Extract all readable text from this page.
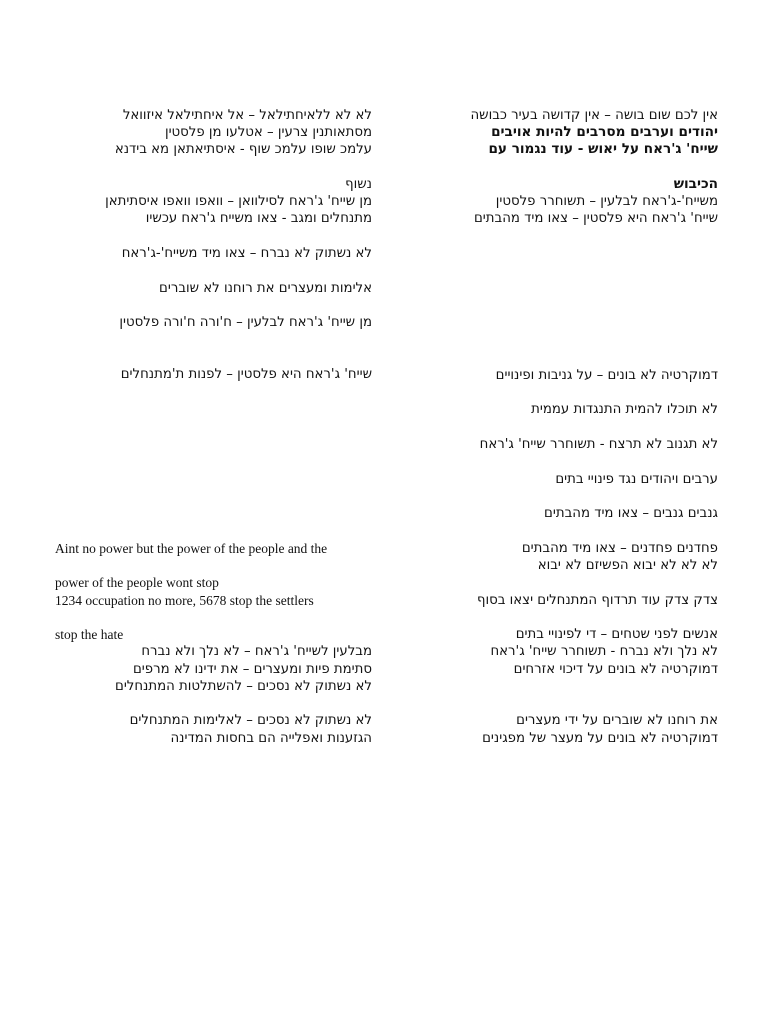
אין לכם שום בושה – אין קדושה בעיר כבושה

יהודים וערבים מסרבים להיות אויבים

שייח' ג'ראח על יאוש - עוד נגמור עם

הכיבוש

משייח'-ג'ראח לבלעין – תשוחרר פלסטין

שייח' ג'ראח היא פלסטין – צאו מיד מהבתים

דמוקרטיה לא בונים – על גניבות ופינויים

לא תוכלו להמית התנגדות עממית

לא תגנוב לא תרצח - תשוחרר שייח' ג'ראח

ערבים ויהודים נגד פינויי בתים

גנבים גנבים – צאו מיד מהבתים

פחדנים פחדנים – צאו מיד מהבתים

לא לא לא יבוא הפשיזם לא יבוא

צדק צדק עוד תרדוף המתנחלים יצאו בסוף

אנשים לפני שטחים – די לפינויי בתים

לא נלך ולא נברח - תשוחרר שייח' ג'ראח

דמוקרטיה לא בונים על דיכוי אזרחים

את רוחנו לא שוברים על ידי מעצרים

דמוקרטיה לא בונים על מעצר של מפגינים

לא לא ללאיחתילאל – אל איחתילאל איזוואל

מסתאותנין צרעין – אטלעו מן פלסטין

עלמכ שופו עלמכ שוף - איסתיאתאן מא בידנא

נשוף

מן שייח' ג'ראח לסילוואן – וואפו וואפו איסתיתאן

מתנחלים ומגב - צאו משייח ג'ראח עכשיו

לא נשתוק לא נברח – צאו מיד משייח'-ג'ראח

אלימות ומעצרים את רוחנו לא שוברים

מן שייח' ג'ראח לבלעין – ח'ורה ח'ורה פלסטין

שייח' ג'ראח היא פלסטין – לפנות ת'מתנחלים

Aint no power but the power of the people and the

power of the people wont stop

1234 occupation no more, 5678 stop the settlers

stop the hate

מבלעין לשייח' ג'ראח – לא נלך ולא נברח

סתימת פיות ומעצרים – את ידינו לא מרפים

לא נשתוק לא נסכים – להשתלטות המתנחלים

לא נשתוק לא נסכים – לאלימות המתנחלים

הגזענות ואפלייה הם בחסות המדינה
